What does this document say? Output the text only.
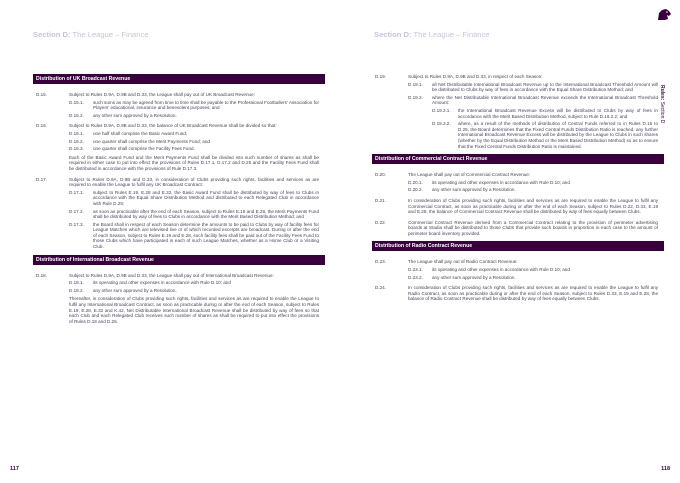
Section D: The League – Finance	Section D: The League – Finance
Rules: Section D
Distribution of UK Broadcast Revenue
D.15.	Subject to Rules D.9A, D.9B and D.33, the League shall pay out of UK Broadcast Revenue:
D.15.1.	such sums as may be agreed from time to time shall be payable to the Professional Footballers' Association for Players' educational, insurance and benevolent purposes; and
D.15.2.	any other sum approved by a Resolution.
D.16.	Subject to Rules D.9A, D.9B and D.33, the balance of UK Broadcast Revenue shall be divided so that:
D.16.1.	one half shall comprise the Basic Award Fund;
D.16.2.	one quarter shall comprise the Merit Payments Fund; and
D.16.3.	one quarter shall comprise the Facility Fees Fund.
Each of the Basic Award Fund and the Merit Payments Fund shall be divided into such number of shares as shall be required in either case to put into effect the provisions of Rules D.17.1, D.17.2 and D.25 and the Facility Fees Fund shall be distributed in accordance with the provisions of Rule D.17.3.
D.17.	Subject to Rules D.9A, D.9B and D.33, in consideration of Clubs providing such rights, facilities and services as are required to enable the League to fulfil any UK Broadcast Contract:
D.17.1.	subject to Rules E.19, E.28 and E.32, the Basic Award Fund shall be distributed by way of fees to Clubs in accordance with the Equal Share Distribution Method and distributed to each Relegated Club in accordance with Rule D.25;
D.17.2.	as soon as practicable after the end of each Season, subject to Rules E.19 and E.28, the Merit Payments Fund shall be distributed by way of fees to Clubs in accordance with the Merit Based Distribution Method; and
D.17.3.	the Board shall in respect of each Season determine the amounts to be paid to Clubs by way of facility fees for League Matches which are televised live or of which recorded excerpts are broadcast. During or after the end of each Season, subject to Rules E.19 and E.28, such facility fees shall be paid out of the Facility Fees Fund to those Clubs which have participated in each of such League Matches, whether as a Home Club or a Visiting Club.
Distribution of International Broadcast Revenue
D.18.	Subject to Rules D.9A, D.9B and D.33, the League shall pay out of International Broadcast Revenue:
D.18.1.	its operating and other expenses in accordance with Rule D.10; and
D.18.2.	any other sum approved by a Resolution.
Thereafter, in consideration of Clubs providing such rights, facilities and services as are required to enable the League to fulfil any International Broadcast Contract, as soon as practicable during or after the end of each Season, subject to Rules E.19, E.28, E.32 and K.42, Net Distributable International Broadcast Revenue shall be distributed by way of fees so that each Club and each Relegated Club receives such number of shares as shall be required to put into effect the provisions of Rules D.19 and D.25.
D.19.	Subject to Rules D.9A, D.9B and D.33, in respect of each Season:
D.19.1.	all Net Distributable International Broadcast Revenue up to the International Broadcast Threshold Amount will be distributed to Clubs by way of fees in accordance with the Equal Share Distribution Method; and
D.19.2.	where the Net Distributable International Broadcast Revenue exceeds the International Broadcast Threshold Amount:
D.19.2.1.	the International Broadcast Revenue Excess will be distributed to Clubs by way of fees in accordance with the Merit Based Distribution Method, subject to Rule D.19.2.2; and
D.19.2.2.	where, as a result of the methods of distribution of Central Funds referred to in Rules D.15 to D.25, the Board determines that the Fixed Central Funds Distribution Ratio is reached, any further International Broadcast Revenue Excess will be distributed by the League to Clubs in such shares (whether by the Equal Distribution Method or the Merit Based Distribution Method) so as to ensure that the Fixed Central Funds Distribution Ratio is maintained.
Distribution of Commercial Contract Revenue
D.20.	The League shall pay out of Commercial Contract Revenue:
D.20.1.	its operating and other expenses in accordance with Rule D.10; and
D.20.2.	any other sum approved by a Resolution.
D.21.	In consideration of Clubs providing such rights, facilities and services as are required to enable the League to fulfil any Commercial Contract, as soon as practicable during or after the end of each Season, subject to Rules D.22, D.33, E.19 and E.28, the balance of Commercial Contract Revenue shall be distributed by way of fees equally between Clubs.
D.22.	Commercial Contract Revenue derived from a Commercial Contract relating to the provision of perimeter advertising boards at Stadia shall be distributed to those Clubs that provide such boards in proportion in each case to the amount of perimeter board inventory provided.
Distribution of Radio Contract Revenue
D.23.	The League shall pay out of Radio Contract Revenue:
D.23.1.	its operating and other expenses in accordance with Rule D.10; and
D.23.2.	any other sum approved by a Resolution.
D.24.	In consideration of Clubs providing such rights, facilities and services as are required to enable the League to fulfil any Radio Contract, as soon as practicable during or after the end of each Season, subject to Rules D.33, E.19 and E.28, the balance of Radio Contract Revenue shall be distributed by way of fees equally between Clubs.
117	118
